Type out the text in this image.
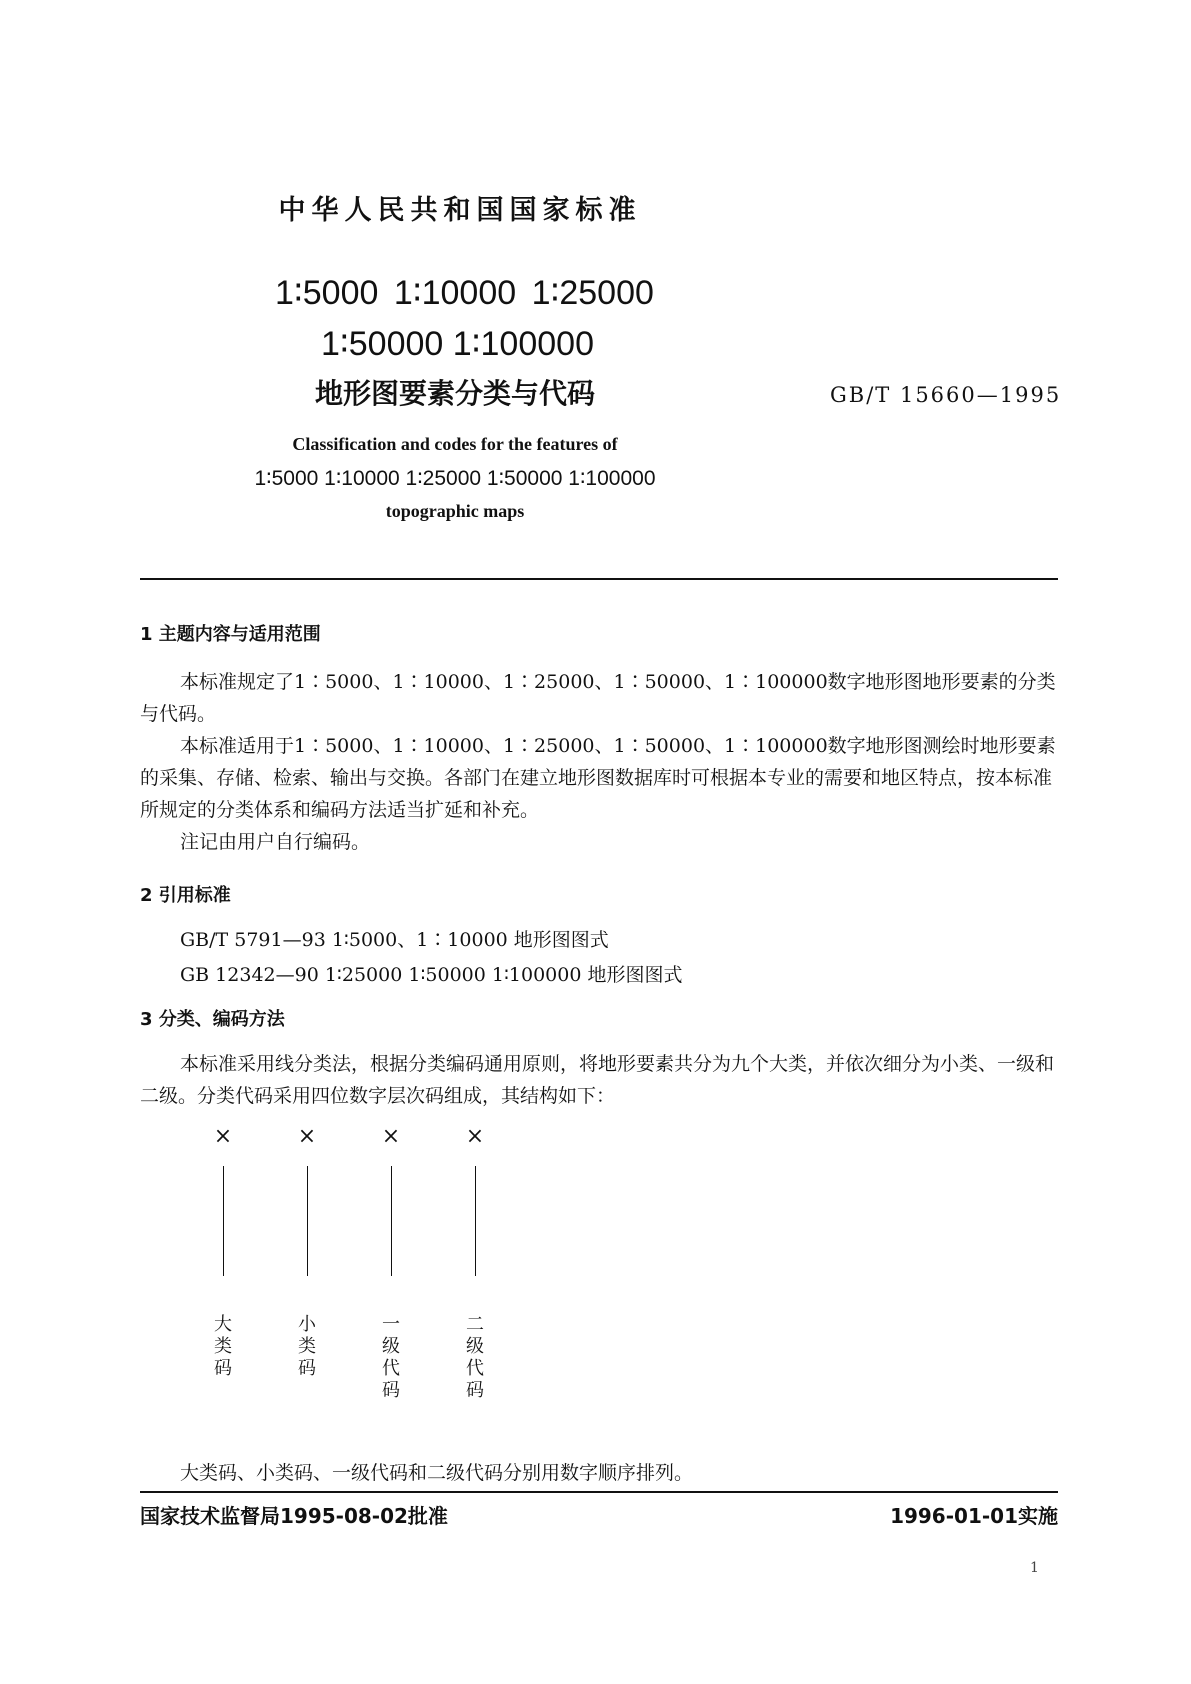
中华人民共和国国家标准
1∶5000 1∶10000 1∶25000
1∶50000 1∶100000
地形图要素分类与代码	GB/T 15660—1995
Classification and codes for the features of
1∶5000 1∶10000 1∶25000 1∶50000 1∶100000
topographic maps
1 主题内容与适用范围
本标准规定了1∶5000、1∶10000、1∶25000、1∶50000、1∶100000数字地形图地形要素的分类与代码。
本标准适用于1∶5000、1∶10000、1∶25000、1∶50000、1∶100000数字地形图测绘时地形要素的采集、存储、检索、输出与交换。各部门在建立地形图数据库时可根据本专业的需要和地区特点，按本标准所规定的分类体系和编码方法适当扩延和补充。
注记由用户自行编码。
2 引用标准
GB/T 5791—93 1∶5000、1∶10000 地形图图式
GB 12342—90 1∶25000 1∶50000 1∶100000 地形图图式
3 分类、编码方法
本标准采用线分类法，根据分类编码通用原则，将地形要素共分为九个大类，并依次细分为小类、一级和二级。分类代码采用四位数字层次码组成，其结构如下：
×
大类码
×
小类码
×
一级代码
×
二级代码
大类码、小类码、一级代码和二级代码分别用数字顺序排列。
国家技术监督局1995-08-02批准	1996-01-01实施
1
